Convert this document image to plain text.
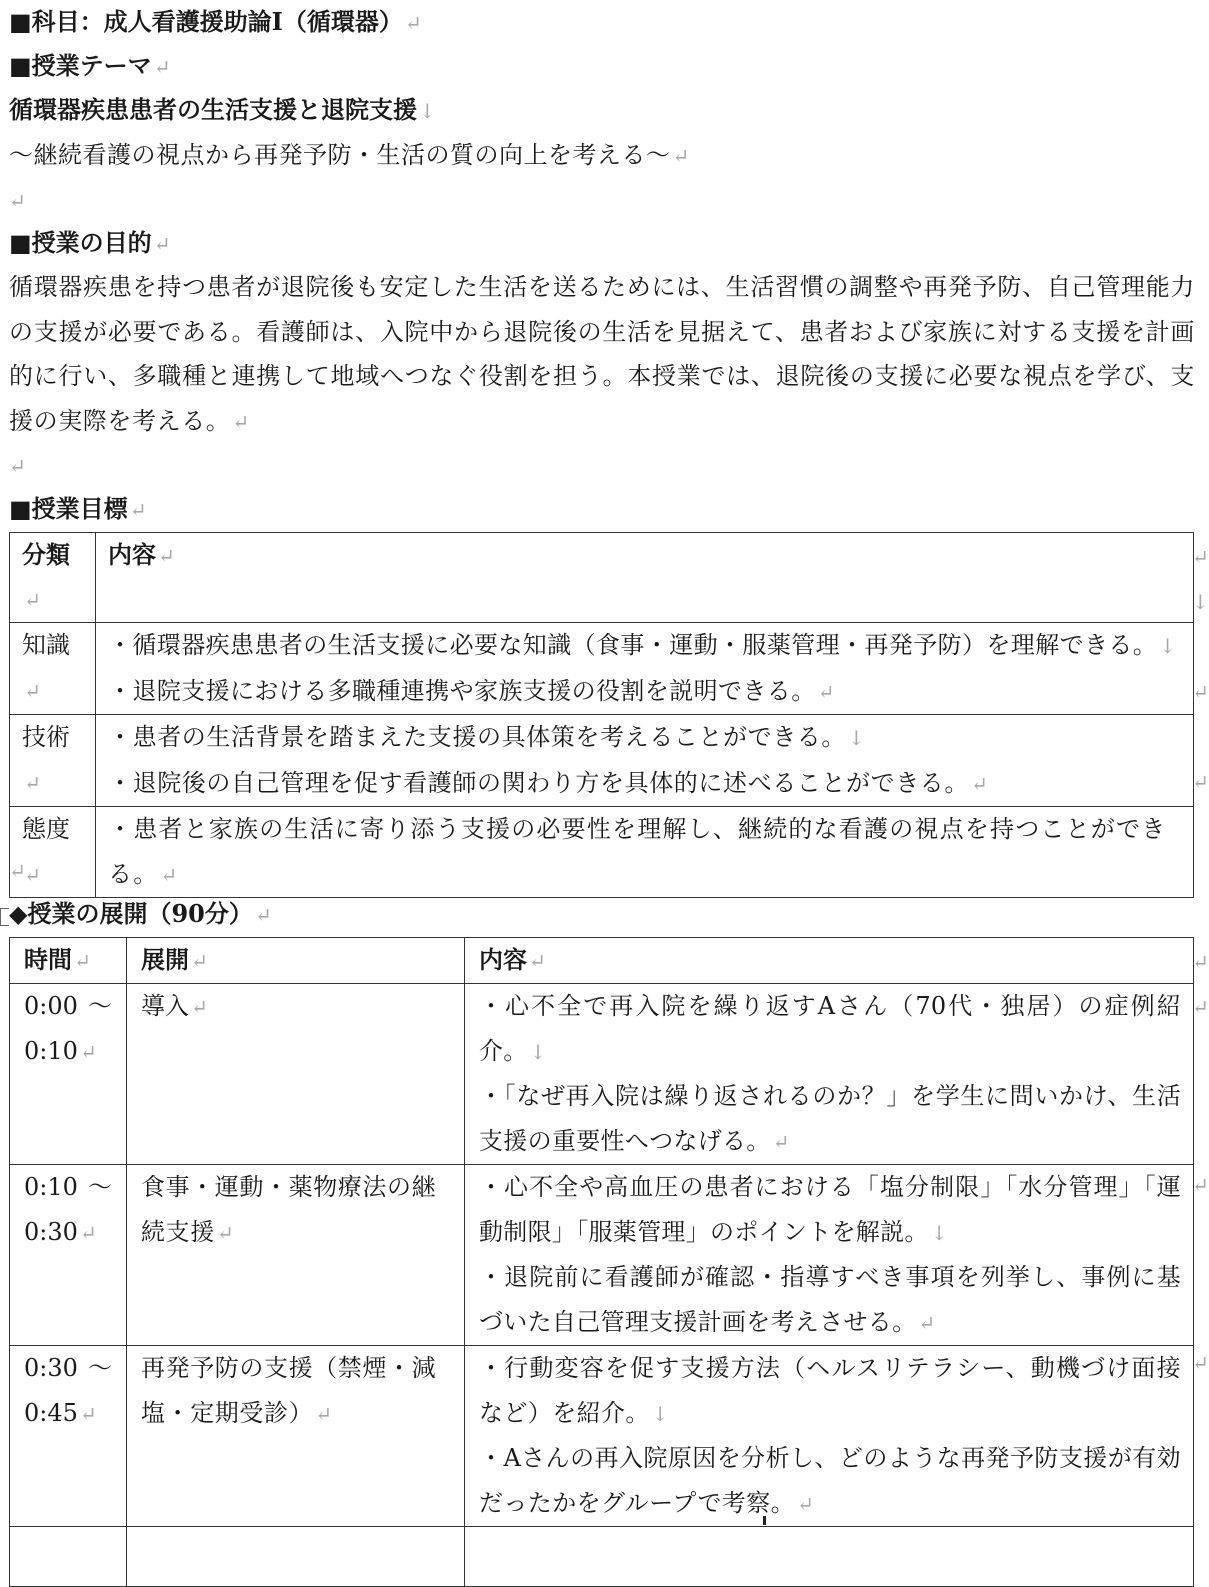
■科目：成人看護援助論Ⅰ（循環器） ↵
■授業テーマ ↵
循環器疾患患者の生活支援と退院支援 ↓
〜継続看護の視点から再発予防・生活の質の向上を考える〜 ↵
↵
■授業の目的 ↵
循環器疾患を持つ患者が退院後も安定した生活を送るためには、生活習慣の調整や再発予防、自己管理能力の支援が必要である。看護師は、入院中から退院後の生活を見据えて、患者および家族に対する支援を計画的に行い、多職種と連携して地域へつなぐ役割を担う。本授業では、退院後の支援に必要な視点を学び、支援の実際を考える。 ↵
↵
■授業目標 ↵
分類↵	内容 ↵
知識↵	・循環器疾患患者の生活支援に必要な知識（食事・運動・服薬管理・再発予防）を理解できる。 ↓
・退院支援における多職種連携や家族支援の役割を説明できる。 ↵

技術↵	・患者の生活背景を踏まえた支援の具体策を考えることができる。 ↓
・退院後の自己管理を促す看護師の関わり方を具体的に述べることができる。 ↵

態度↵	・患者と家族の生活に寄り添う支援の必要性を理解し、継続的な看護の視点を持つことができる。 ↵
↵
↓
↵
↵
↵
◆授業の展開（90分） ↵
時間 ↵	展開 ↵	内容 ↵
0:00 〜 0:10 ↵	導入 ↵	・心不全で再入院を繰り返すAさん（70代・独居）の症例紹介。 ↓
・「なぜ再入院は繰り返されるのか？」を学生に問いかけ、生活支援の重要性へつなげる。 ↵

0:10 〜 0:30 ↵	食事・運動・薬物療法の継続支援 ↵	・心不全や高血圧の患者における「塩分制限」「水分管理」「運動制限」「服薬管理」のポイントを解説。 ↓
・退院前に看護師が確認・指導すべき事項を列挙し、事例に基づいた自己管理支援計画を考えさせる。 ↵

0:30 〜 0:45 ↵	再発予防の支援（禁煙・減塩・定期受診） ↵	・行動変容を促す支援方法（ヘルスリテラシー、動機づけ面接など）を紹介。 ↓
・Aさんの再入院原因を分析し、どのような再発予防支援が有効だったかをグループで考察。 ↵

↵
↵
↵
↵
